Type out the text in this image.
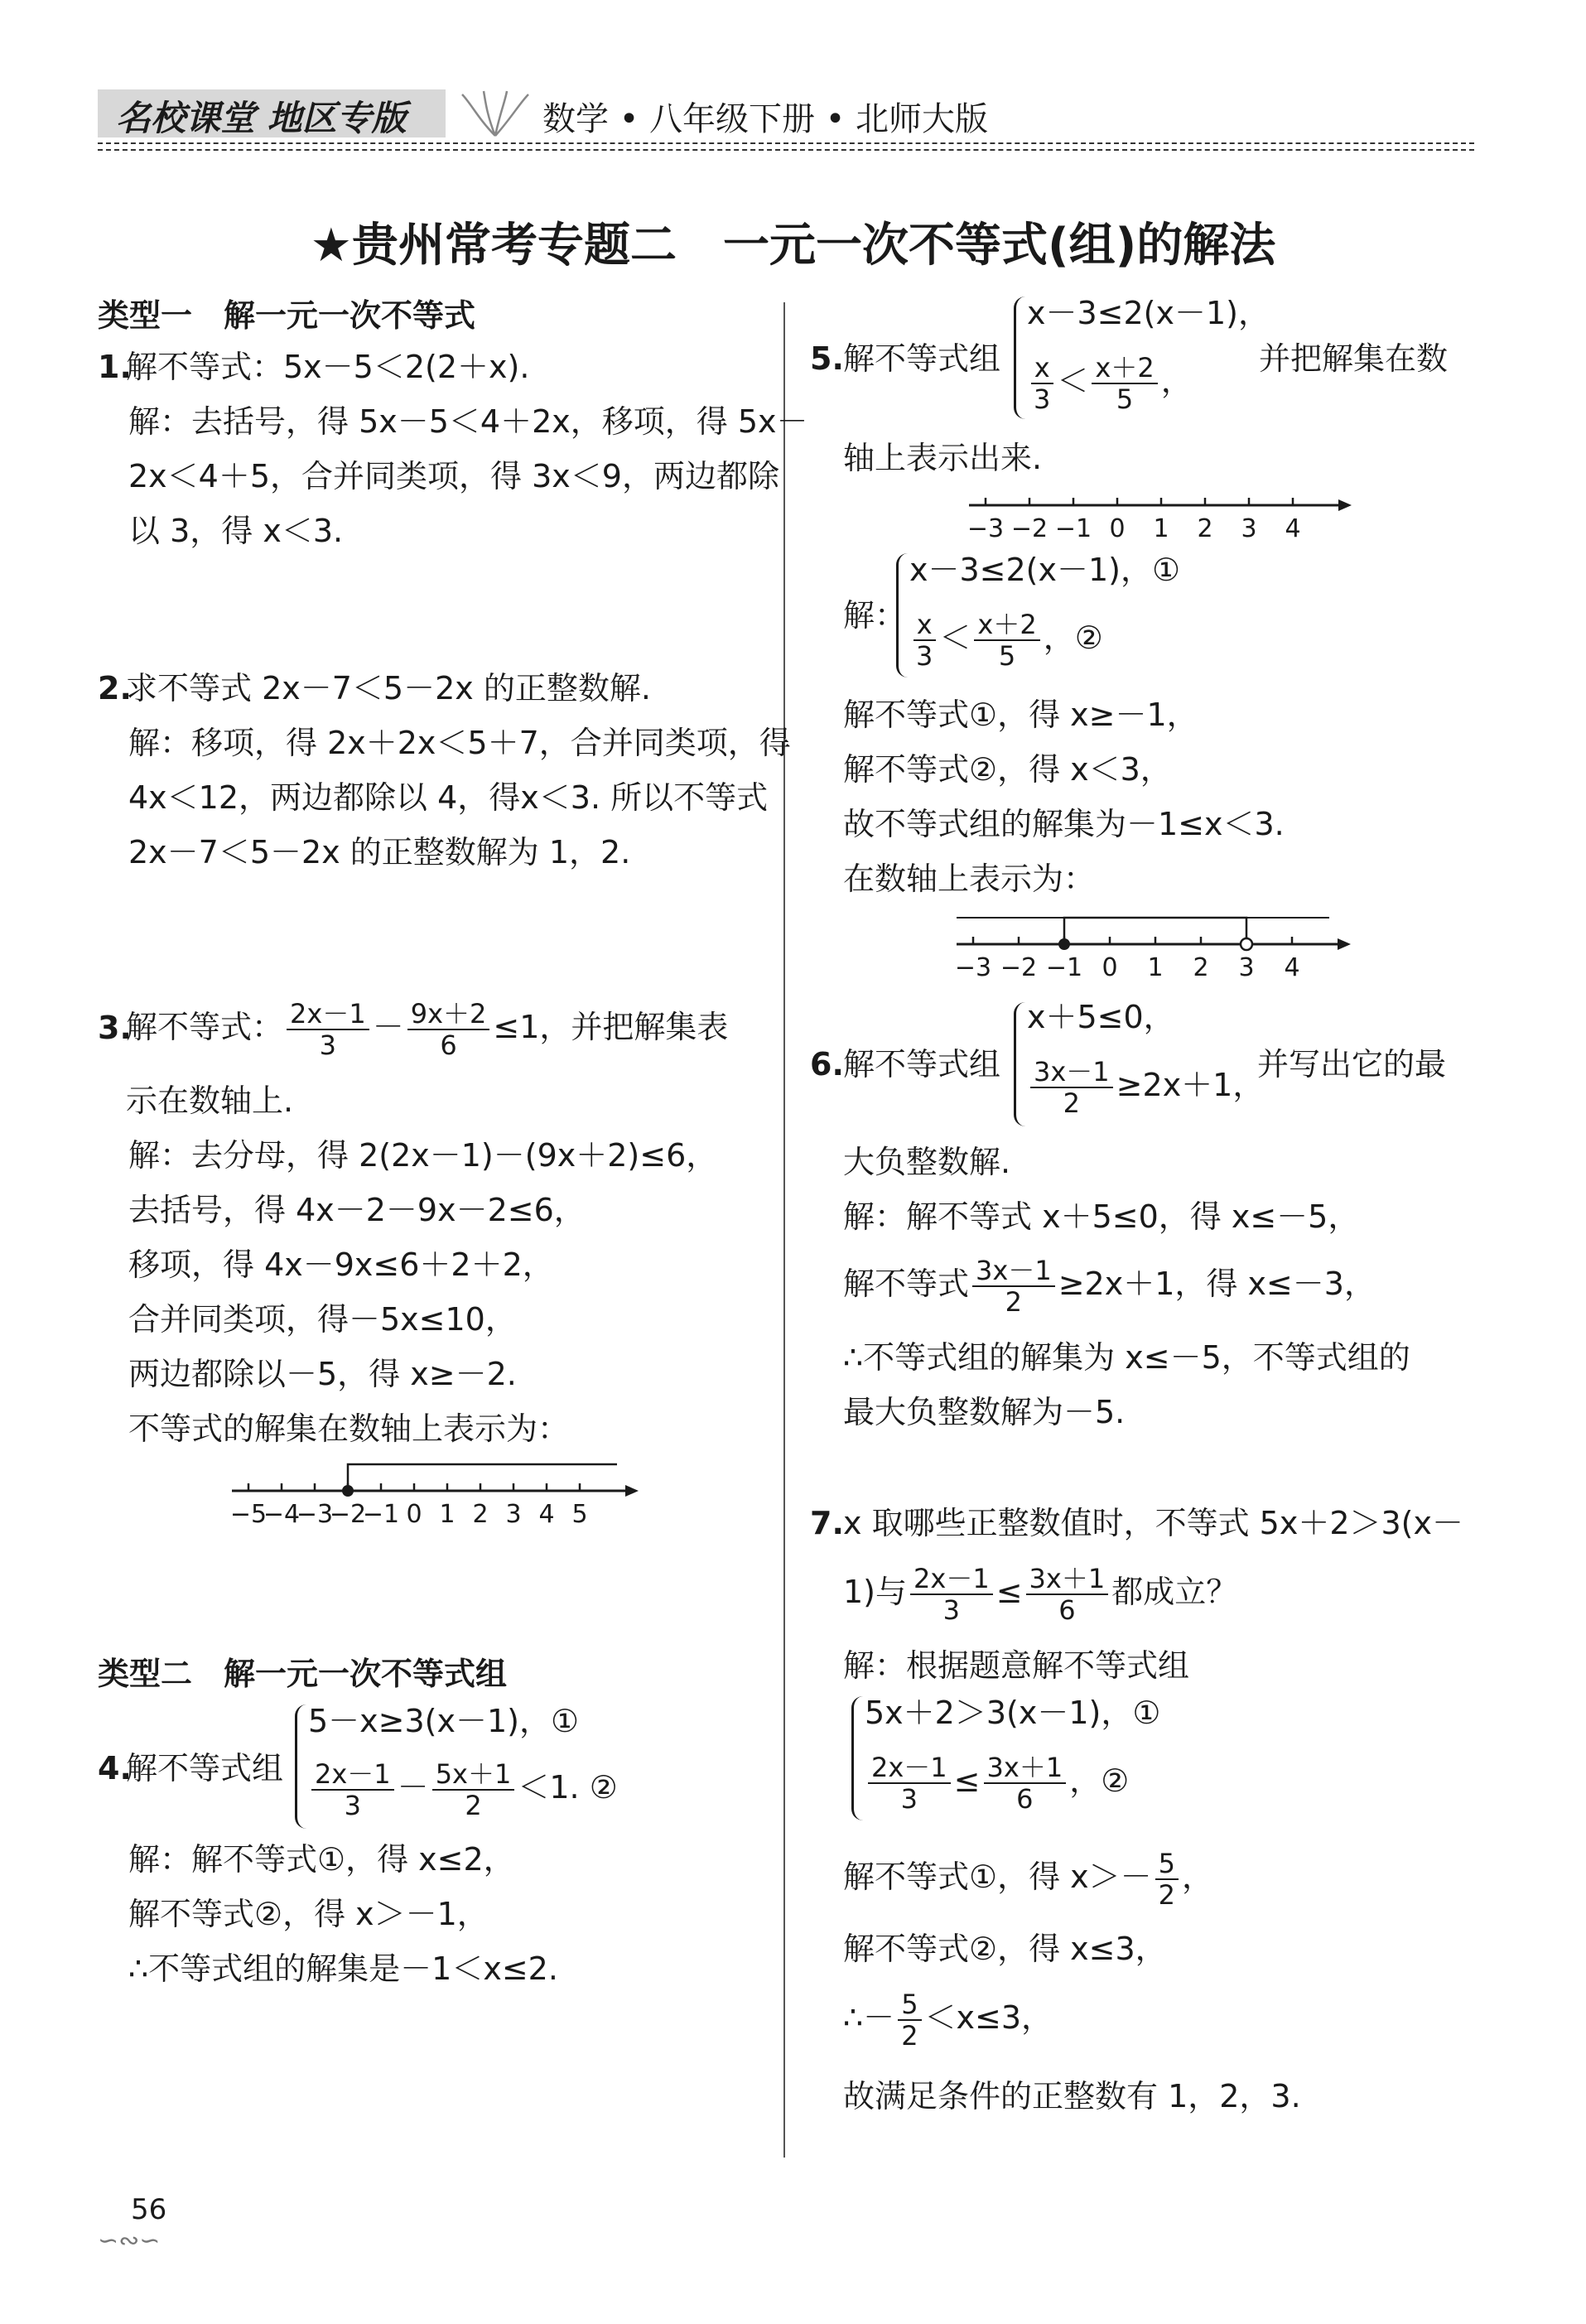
名校课堂 地区专版	数学 • 八年级下册 • 北师大版
★贵州常考专题二　一元一次不等式(组)的解法
类型一　解一元一次不等式
1.
解不等式：5x－5＜2(2＋x).
解：去括号，得 5x－5＜4＋2x，移项，得 5x－
2x＜4＋5，合并同类项，得 3x＜9，两边都除
以 3，得 x＜3.
2.
求不等式 2x－7＜5－2x 的正整数解.
解：移项，得 2x＋2x＜5＋7，合并同类项，得
4x＜12，两边都除以 4，得x＜3. 所以不等式
2x－7＜5－2x 的正整数解为 1，2.
3.
解不等式： $\frac{2x-1}{3} - \frac{9x+2}{6} \le 1$，并把解集表
示在数轴上.
解：去分母，得 2(2x－1)－(9x＋2)≤6，
去括号，得 4x－2－9x－2≤6，
移项，得 4x－9x≤6＋2＋2，
合并同类项，得－5x≤10，
两边都除以－5，得 x≥－2.
不等式的解集在数轴上表示为：
−5
−4
−3
−2
−1 0 1 2 3 4 5
类型二　解一元一次不等式组
4.
解不等式组
5－x≥3(x－1)，①
$\frac{2x-1}{3} - \frac{5x+1}{2} <1$. ②
解：解不等式①，得 x≤2，
解不等式②，得 x＞－1，
∴不等式组的解集是－1＜x≤2.
5. 解不等式组
x－3≤2(x－1)，
$\frac{x}{3} < \frac{x+2}{5}$ ，
并把解集在数
轴上表示出来.
−3 −2 −1 0 1 2 3 4
解：
x－3≤2(x－1)，①
$\frac{x}{3} < \frac{x+2}{5}$ ，②
解不等式①，得 x≥－1，
解不等式②，得 x＜3，
故不等式组的解集为－1≤x＜3.
在数轴上表示为：
−3 −2 −1 0 1 2 3 4
6. 解不等式组
x＋5≤0，
$\frac{3x-1}{2} \ge 2x+1$，
并写出它的最
大负整数解.
解：解不等式 x＋5≤0，得 x≤－5，
解不等式 $\frac{3x-1}{2} \ge 2x+1$，得 x≤－3，
∴不等式组的解集为 x≤－5，不等式组的
最大负整数解为－5.
7. x 取哪些正整数值时，不等式 5x＋2＞3(x－
1)与 $\frac{2x-1}{3} \le \frac{3x+1}{6}$ 都成立？
解：根据题意解不等式组
5x＋2＞3(x－1)，①
$\frac{2x-1}{3} \le \frac{3x+1}{6}$ ，②
解不等式①，得 $x>- \frac{5}{2}$ ，
解不等式②，得 x≤3，
∴－ $\frac{5}{2} <x\le 3$，
故满足条件的正整数有 1，2，3.
56
∽∾∽
